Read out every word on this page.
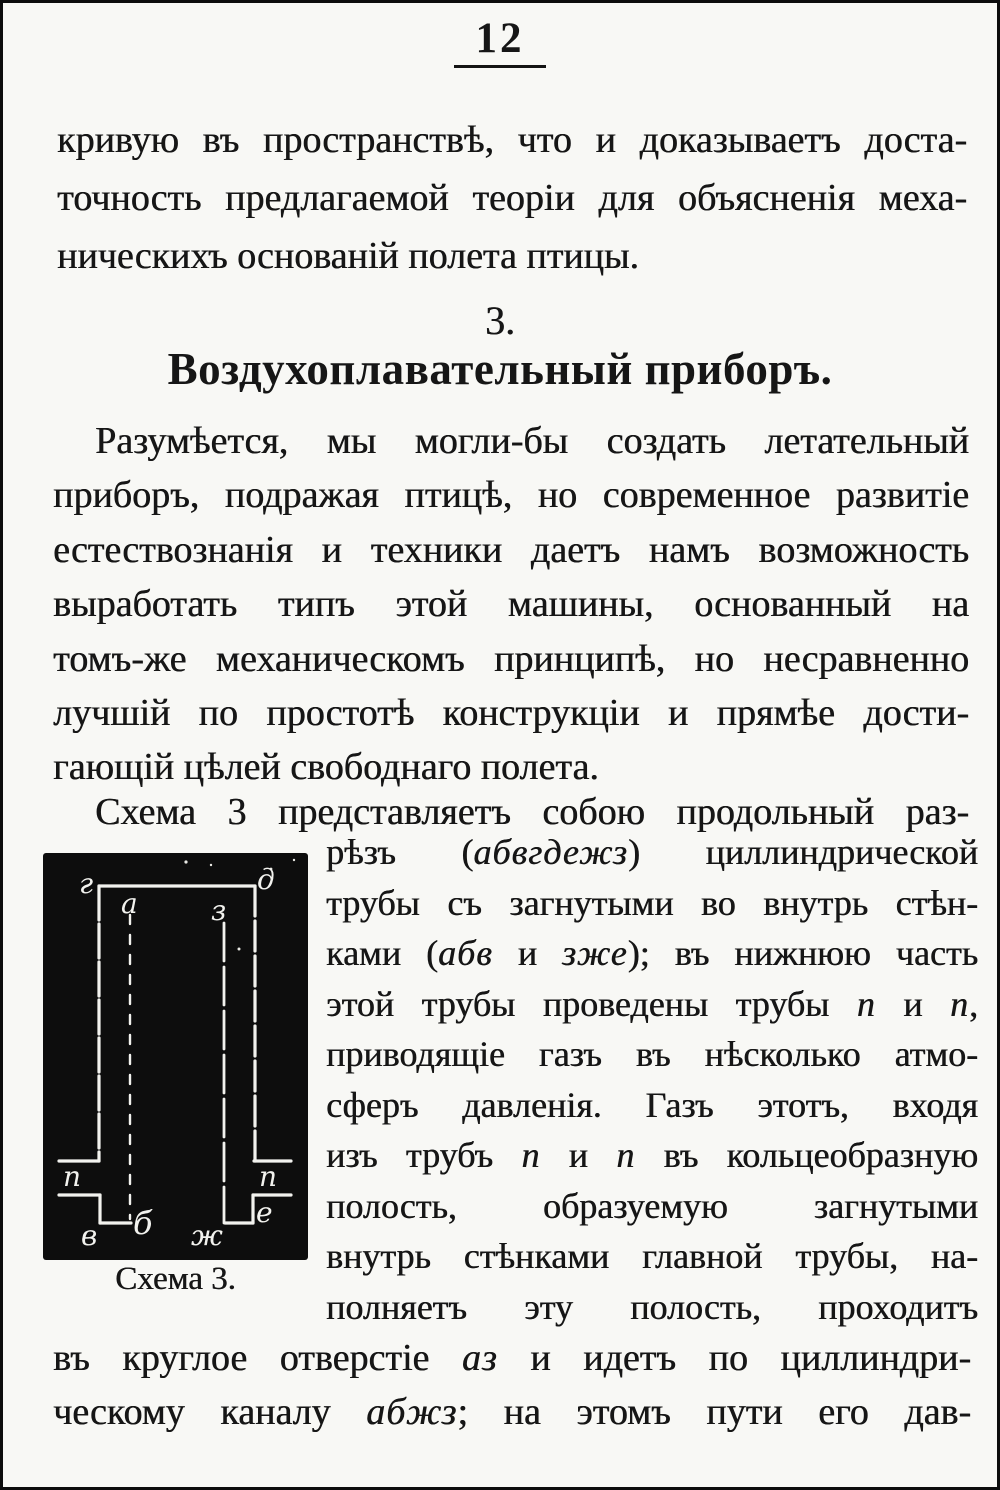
12
кривую въ пространствѣ, что и доказываетъ доста-
точность предлагаемой теоріи для объясненія меха-
ническихъ основаній полета птицы.
3.
Воздухоплавательный приборъ.
Разумѣется, мы могли-бы создать летательный
приборъ, подражая птицѣ, но современное развитіе
естествознанія и техники даетъ намъ возможность
выработать типъ этой машины, основанный на
томъ-же механическомъ принципѣ, но несравненно
лучшій по простотѣ конструкціи и прямѣе дости-
гающій цѣлей свободнаго полета.
Схема 3 представляетъ собою продольный раз-
г	д
а	з
n	n
в б ж
е
Схема 3.
рѣзъ (абвгдежз) циллиндрической
трубы съ загнутыми во внутрь стѣн-
ками (абв и зже); въ нижнюю часть
этой трубы проведены трубы n и n,
приводящіе газъ въ нѣсколько атмо-
сферъ давленія. Газъ этотъ, входя
изъ трубъ n и n въ кольцеобразную
полость, образуемую загнутыми
внутрь стѣнками главной трубы, на-
полняетъ эту полость, проходитъ
въ круглое отверстіе аз и идетъ по циллиндри-
ческому каналу абжз; на этомъ пути его дав-
